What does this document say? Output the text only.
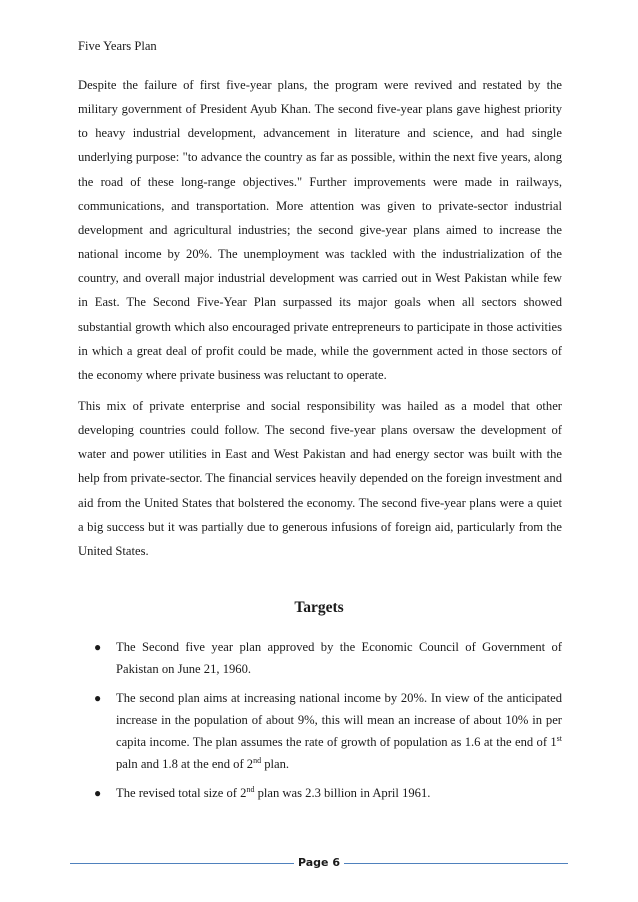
Five Years Plan

Despite the failure of first five-year plans, the program were revived and restated by the military government of President Ayub Khan. The second five-year plans gave highest priority to heavy industrial development, advancement in literature and science, and had single underlying purpose: "to advance the country as far as possible, within the next five years, along the road of these long-range objectives." Further improvements were made in railways, communications, and transportation. More attention was given to private-sector industrial development and agricultural industries; the second give-year plans aimed to increase the national income by 20%. The unemployment was tackled with the industrialization of the country, and overall major industrial development was carried out in West Pakistan while few in East. The Second Five-Year Plan surpassed its major goals when all sectors showed substantial growth which also encouraged private entrepreneurs to participate in those activities in which a great deal of profit could be made, while the government acted in those sectors of the economy where private business was reluctant to operate.

This mix of private enterprise and social responsibility was hailed as a model that other developing countries could follow. The second five-year plans oversaw the development of water and power utilities in East and West Pakistan and had energy sector was built with the help from private-sector. The financial services heavily depended on the foreign investment and aid from the United States that bolstered the economy. The second five-year plans were a quiet a big success but it was partially due to generous infusions of foreign aid, particularly from the United States.

Targets
● The Second five year plan approved by the Economic Council of Government of Pakistan on June 21, 1960.
● The second plan aims at increasing national income by 20%. In view of the anticipated increase in the population of about 9%, this will mean an increase of about 10% in per capita income. The plan assumes the rate of growth of population as 1.6 at the end of 1st paln and 1.8 at the end of 2nd plan.
● The revised total size of 2nd plan was 2.3 billion in April 1961.
Page 6
